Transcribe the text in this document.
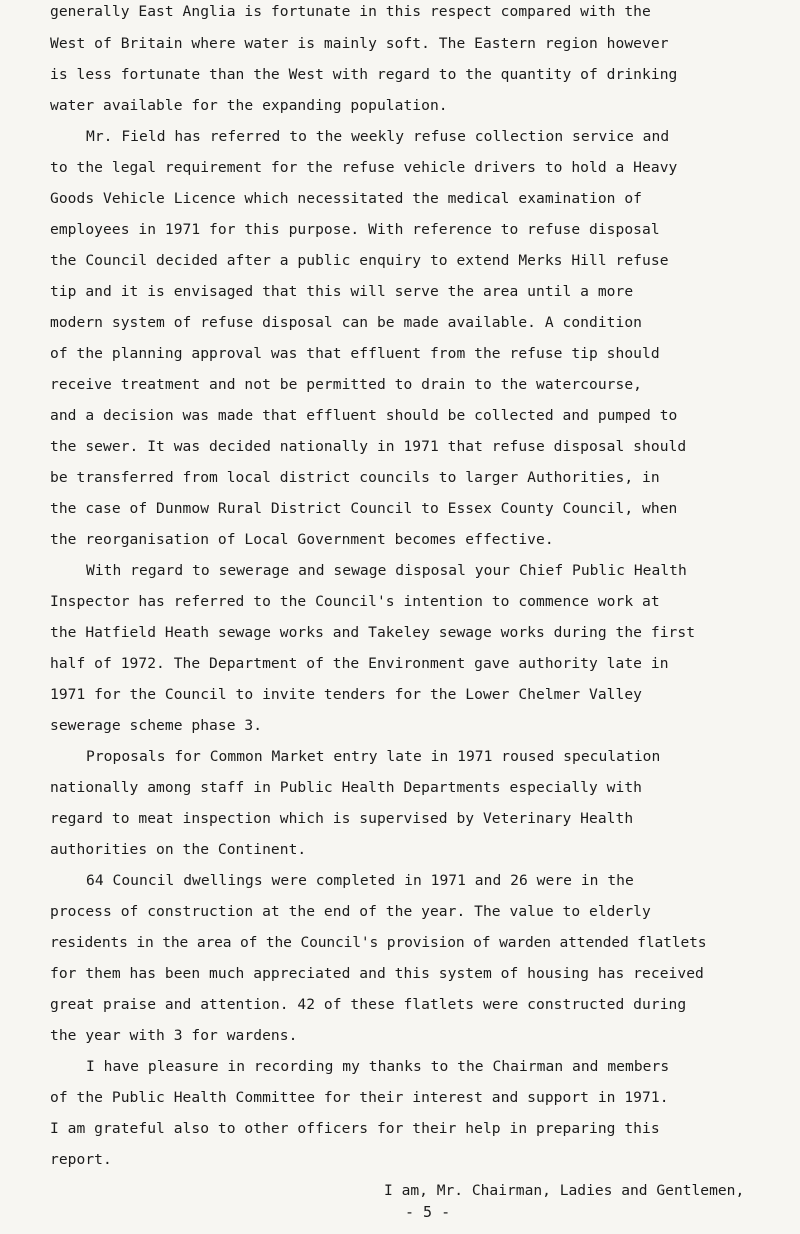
generally East Anglia is fortunate in this respect compared with the
West of Britain where water is mainly soft. The Eastern region however
is less fortunate than the West with regard to the quantity of drinking
water available for the expanding population.
Mr. Field has referred to the weekly refuse collection service and
to the legal requirement for the refuse vehicle drivers to hold a Heavy
Goods Vehicle Licence which necessitated the medical examination of
employees in 1971 for this purpose. With reference to refuse disposal
the Council decided after a public enquiry to extend Merks Hill refuse
tip and it is envisaged that this will serve the area until a more
modern system of refuse disposal can be made available. A condition
of the planning approval was that effluent from the refuse tip should
receive treatment and not be permitted to drain to the watercourse,
and a decision was made that effluent should be collected and pumped to
the sewer. It was decided nationally in 1971 that refuse disposal should
be transferred from local district councils to larger Authorities, in
the case of Dunmow Rural District Council to Essex County Council, when
the reorganisation of Local Government becomes effective.
With regard to sewerage and sewage disposal your Chief Public Health
Inspector has referred to the Council's intention to commence work at
the Hatfield Heath sewage works and Takeley sewage works during the first
half of 1972. The Department of the Environment gave authority late in
1971 for the Council to invite tenders for the Lower Chelmer Valley
sewerage scheme phase 3.
Proposals for Common Market entry late in 1971 roused speculation
nationally among staff in Public Health Departments especially with
regard to meat inspection which is supervised by Veterinary Health
authorities on the Continent.
64 Council dwellings were completed in 1971 and 26 were in the
process of construction at the end of the year. The value to elderly
residents in the area of the Council's provision of warden attended flatlets
for them has been much appreciated and this system of housing has received
great praise and attention. 42 of these flatlets were constructed during
the year with 3 for wardens.
I have pleasure in recording my thanks to the Chairman and members
of the Public Health Committee for their interest and support in 1971.
I am grateful also to other officers for their help in preparing this
report.
I am, Mr. Chairman, Ladies and Gentlemen,
- 5 -
